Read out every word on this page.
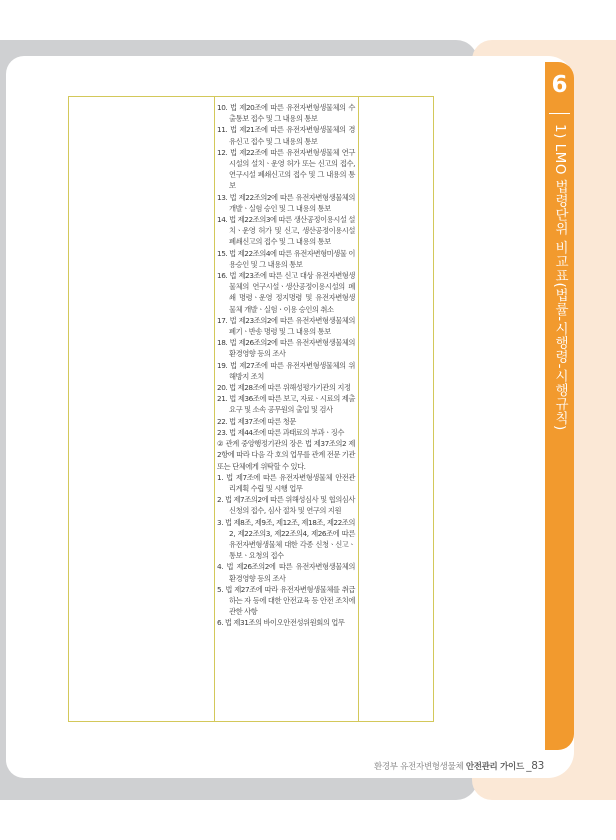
6
1) LMO 법령단위 비교표(법률-시행령-시행규칙)
10. 법 제20조에 따른 유전자변형생물체의 수출통보 접수 및 그 내용의 통보
11. 법 제21조에 따른 유전자변형생물체의 경유신고 접수 및 그 내용의 통보
12. 법 제22조에 따른 유전자변형생물체 연구시설의 설치ㆍ운영 허가 또는 신고의 접수, 연구시설 폐쇄신고의 접수 및 그 내용의 통보
13. 법 제22조의2에 따른 유전자변형생물체의 개발ㆍ실험 승인 및 그 내용의 통보
14. 법 제22조의3에 따른 생산공정이용시설 설치ㆍ운영 허가 및 신고, 생산공정이용시설 폐쇄신고의 접수 및 그 내용의 통보
15. 법 제22조의4에 따른 유전자변형미생물 이용승인 및 그 내용의 통보
16. 법 제23조에 따른 신고 대상 유전자변형생물체의 연구시설ㆍ생산공정이용시설의 폐쇄 명령ㆍ운영 정지명령 및 유전자변형생물체 개발ㆍ실험ㆍ이용 승인의 취소
17. 법 제23조의2에 따른 유전자변형생물체의 폐기ㆍ반송 명령 및 그 내용의 통보
18. 법 제26조의2에 따른 유전자변형생물체의 환경영향 등의 조사
19. 법 제27조에 따른 유전자변형생물체의 위해방지 조치
20. 법 제28조에 따른 위해성평가기관의 지정
21. 법 제36조에 따른 보고, 자료ㆍ시료의 제출 요구 및 소속 공무원의 출입 및 검사
22. 법 제37조에 따른 청문
23. 법 제44조에 따른 과태료의 부과ㆍ징수
② 관계 중앙행정기관의 장은 법 제37조의2 제2항에 따라 다음 각 호의 업무를 관계 전문 기관 또는 단체에게 위탁할 수 있다.
1. 법 제7조에 따른 유전자변형생물체 안전관리계획 수립 및 시행 업무
2. 법 제7조의2에 따른 위해성심사 및 협의심사 신청의 접수, 심사 절차 및 연구의 지원
3. 법 제8조, 제9조, 제12조, 제18조, 제22조의2, 제22조의3, 제22조의4, 제26조에 따른 유전자변형생물체 대한 각종 신청ㆍ신고ㆍ통보ㆍ요청의 접수
4. 법 제26조의2에 따른 유전자변형생물체의 환경영향 등의 조사
5. 법 제27조에 따라 유전자변형생물체를 취급하는 자 등에 대한 안전교육 등 안전 조치에 관한 사항
6. 법 제31조의 바이오안전성위원회의 업무
환경부 유전자변형생물체 안전관리 가이드 _83
